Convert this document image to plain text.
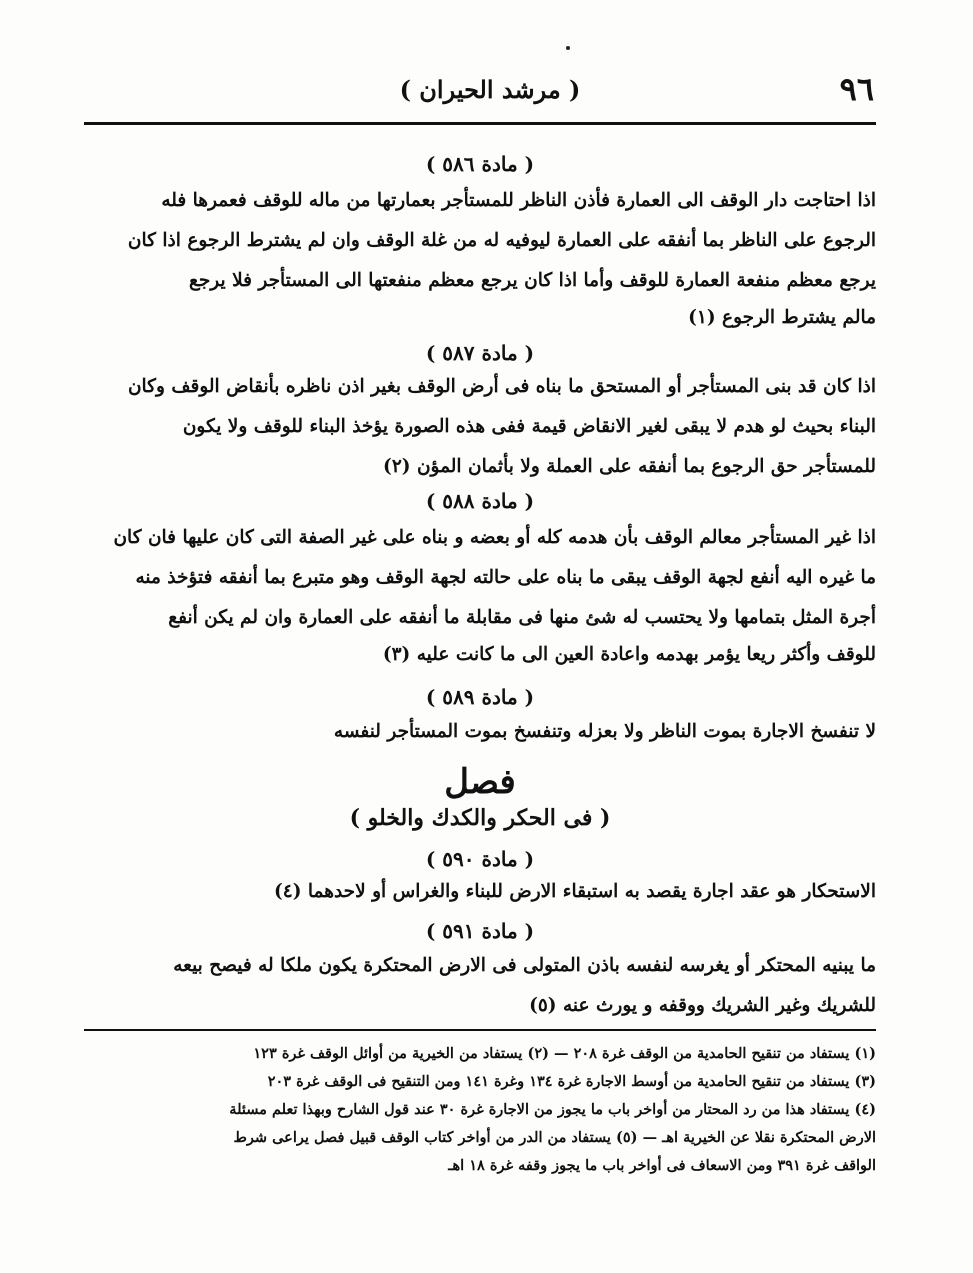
٩٦
( مرشد الحيران )
( مادة ٥٨٦ )
اذا احتاجت دار الوقف الى العمارة فأذن الناظر للمستأجر بعمارتها من ماله للوقف فعمرها فله
الرجوع على الناظر بما أنفقه على العمارة ليوفيه له من غلة الوقف وان لم يشترط الرجوع اذا كان
يرجع معظم منفعة العمارة للوقف وأما اذا كان يرجع معظم منفعتها الى المستأجر فلا يرجع
مالم يشترط الرجوع (١)
( مادة ٥٨٧ )
اذا كان قد بنى المستأجر أو المستحق ما بناه فى أرض الوقف بغير اذن ناظره بأنقاض الوقف وكان
البناء بحيث لو هدم لا يبقى لغير الانقاض قيمة ففى هذه الصورة يؤخذ البناء للوقف ولا يكون
للمستأجر حق الرجوع بما أنفقه على العملة ولا بأثمان المؤن (٢)
( مادة ٥٨٨ )
اذا غير المستأجر معالم الوقف بأن هدمه كله أو بعضه و بناه على غير الصفة التى كان عليها فان كان
ما غيره اليه أنفع لجهة الوقف يبقى ما بناه على حالته لجهة الوقف وهو متبرع بما أنفقه فتؤخذ منه
أجرة المثل بتمامها ولا يحتسب له شئ منها فى مقابلة ما أنفقه على العمارة وان لم يكن أنفع
للوقف وأكثر ريعا يؤمر بهدمه واعادة العين الى ما كانت عليه (٣)
( مادة ٥٨٩ )
لا تنفسخ الاجارة بموت الناظر ولا بعزله وتنفسخ بموت المستأجر لنفسه
فصل
( فى الحكر والكدك والخلو )
( مادة ٥٩٠ )
الاستحكار هو عقد اجارة يقصد به استبقاء الارض للبناء والغراس أو لاحدهما (٤)
( مادة ٥٩١ )
ما يبنيه المحتكر أو يغرسه لنفسه باذن المتولى فى الارض المحتكرة يكون ملكا له فيصح بيعه
للشريك وغير الشريك ووقفه و يورث عنه (٥)
(١) يستفاد من تنقيح الحامدية من الوقف غرة ٢٠٨ — (٢) يستفاد من الخيرية من أوائل الوقف غرة ١٢٣
(٣) يستفاد من تنقيح الحامدية من أوسط الاجارة غرة ١٣٤ وغرة ١٤١ ومن التنقيح فى الوقف غرة ٢٠٣
(٤) يستفاد هذا من رد المحتار من أواخر باب ما يجوز من الاجارة غرة ٣٠ عند قول الشارح وبهذا تعلم مسئلة
الارض المحتكرة نقلا عن الخيرية اهـ — (٥) يستفاد من الدر من أواخر كتاب الوقف قبيل فصل يراعى شرط
الواقف غرة ٣٩١ ومن الاسعاف فى أواخر باب ما يجوز وقفه غرة ١٨ اهـ
